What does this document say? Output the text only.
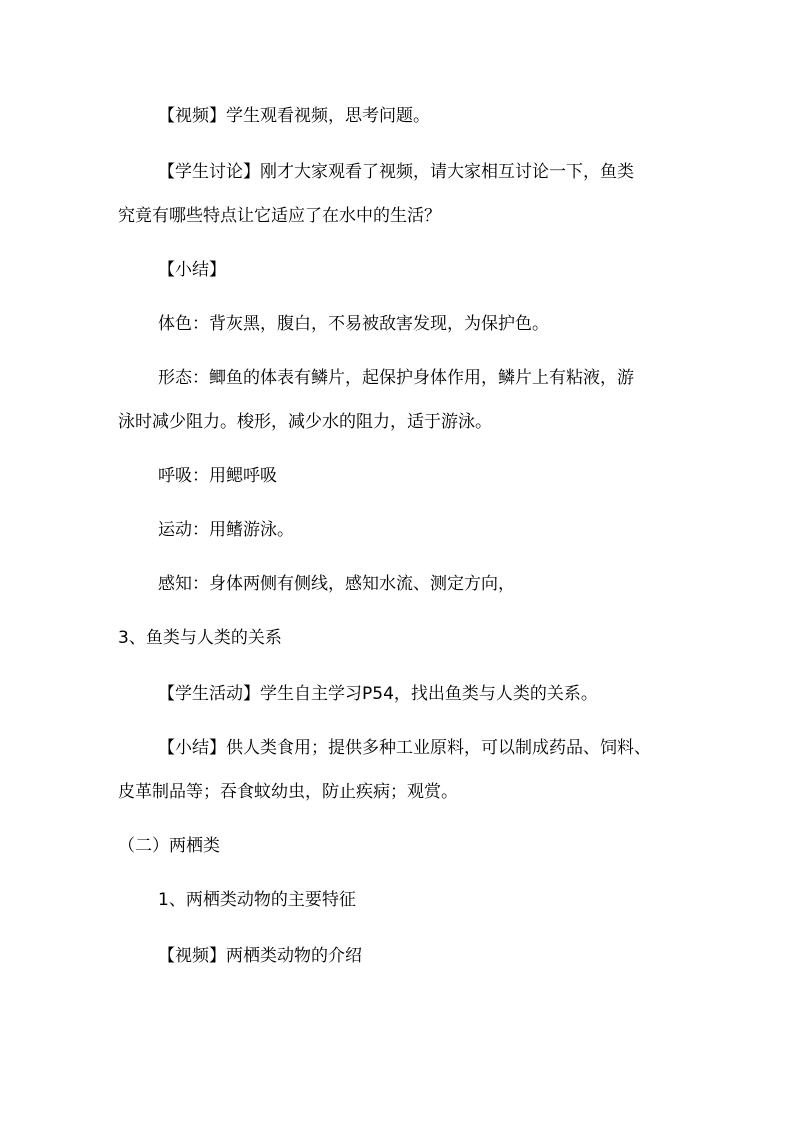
【视频】学生观看视频，思考问题。
【学生讨论】刚才大家观看了视频，请大家相互讨论一下，鱼类
究竟有哪些特点让它适应了在水中的生活？
【小结】
体色：背灰黑，腹白，不易被敌害发现，为保护色。
形态：鲫鱼的体表有鳞片，起保护身体作用，鳞片上有粘液，游
泳时减少阻力。梭形，减少水的阻力，适于游泳。
呼吸：用鳃呼吸
运动：用鳍游泳。
感知：身体两侧有侧线，感知水流、测定方向，
3、鱼类与人类的关系
【学生活动】学生自主学习P54，找出鱼类与人类的关系。
【小结】供人类食用；提供多种工业原料，可以制成药品、饲料、
皮革制品等；吞食蚊幼虫，防止疾病；观赏。
（二）两栖类
1、两栖类动物的主要特征
【视频】两栖类动物的介绍
